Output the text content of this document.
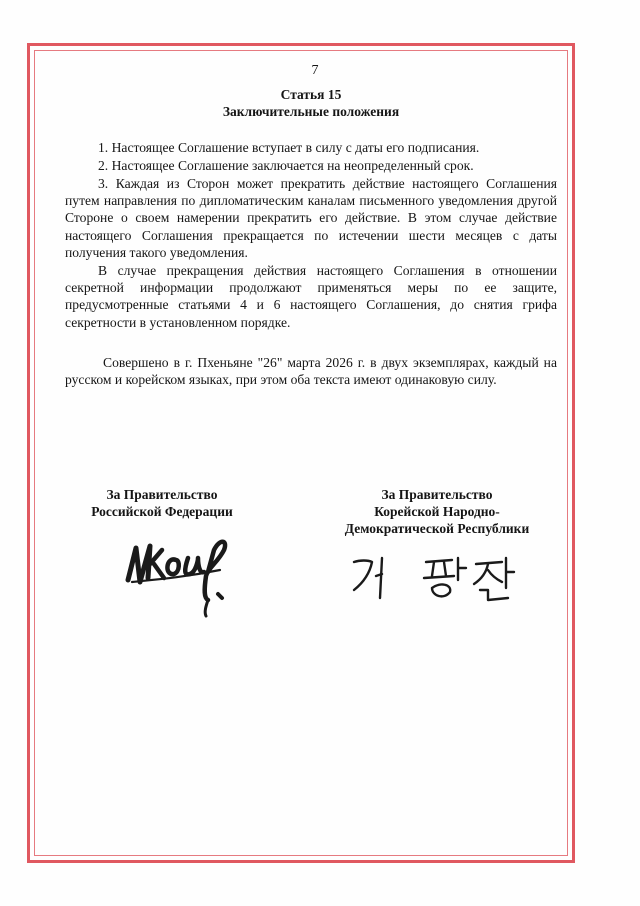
7
Статья 15
Заключительные положения
1. Настоящее Соглашение вступает в силу с даты его подписания.
2. Настоящее Соглашение заключается на неопределенный срок.
3. Каждая из Сторон может прекратить действие настоящего Соглашения путем направления по дипломатическим каналам письменного уведомления другой Стороне о своем намерении прекратить его действие. В этом случае действие настоящего Соглашения прекращается по истечении шести месяцев с даты получения такого уведомления.
В случае прекращения действия настоящего Соглашения в отношении секретной информации продолжают применяться меры по ее защите, предусмотренные статьями 4 и 6 настоящего Соглашения, до снятия грифа секретности в установленном порядке.
Совершено в г. Пхеньяне "26" марта 2026 г. в двух экземплярах, каждый на русском и корейском языках, при этом оба текста имеют одинаковую силу.
За Правительство
Российской Федерации
За Правительство
Корейской Народно-
Демократической Республики
